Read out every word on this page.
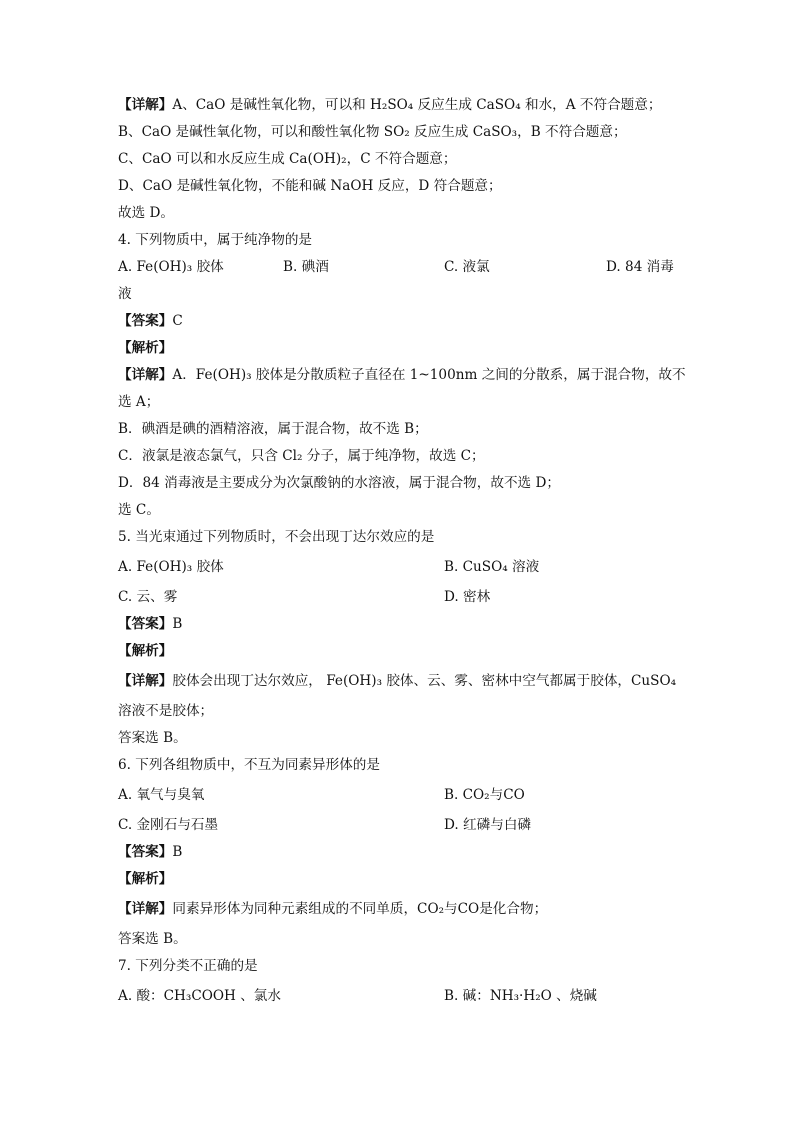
【详解】A、CaO 是碱性氧化物，可以和 H₂SO₄ 反应生成 CaSO₄ 和水，A 不符合题意；
B、CaO 是碱性氧化物，可以和酸性氧化物 SO₂ 反应生成 CaSO₃，B 不符合题意；
C、CaO 可以和水反应生成 Ca(OH)₂，C 不符合题意；
D、CaO 是碱性氧化物，不能和碱 NaOH 反应，D 符合题意；
故选 D。
4. 下列物质中，属于纯净物的是
A. Fe(OH)₃ 胶体	B. 碘酒	C. 液氯	D. 84 消毒
液
【答案】C
【解析】
【详解】A．Fe(OH)₃ 胶体是分散质粒子直径在 1~100nm 之间的分散系，属于混合物，故不
选 A；
B．碘酒是碘的酒精溶液，属于混合物，故不选 B；
C．液氯是液态氯气，只含 Cl₂ 分子，属于纯净物，故选 C；
D．84 消毒液是主要成分为次氯酸钠的水溶液，属于混合物，故不选 D；
选 C。
5. 当光束通过下列物质时，不会出现丁达尔效应的是
A. Fe(OH)₃ 胶体	B. CuSO₄ 溶液
C. 云、雾	D. 密林
【答案】B
【解析】
【详解】胶体会出现丁达尔效应， Fe(OH)₃ 胶体、云、雾、密林中空气都属于胶体，CuSO₄
溶液不是胶体；
答案选 B。
6. 下列各组物质中，不互为同素异形体的是
A. 氧气与臭氧	B. CO₂与CO
C. 金刚石与石墨	D. 红磷与白磷
【答案】B
【解析】
【详解】同素异形体为同种元素组成的不同单质，CO₂与CO是化合物；
答案选 B。
7. 下列分类不正确的是
A. 酸：CH₃COOH 、氯水	B. 碱：NH₃·H₂O 、烧碱
